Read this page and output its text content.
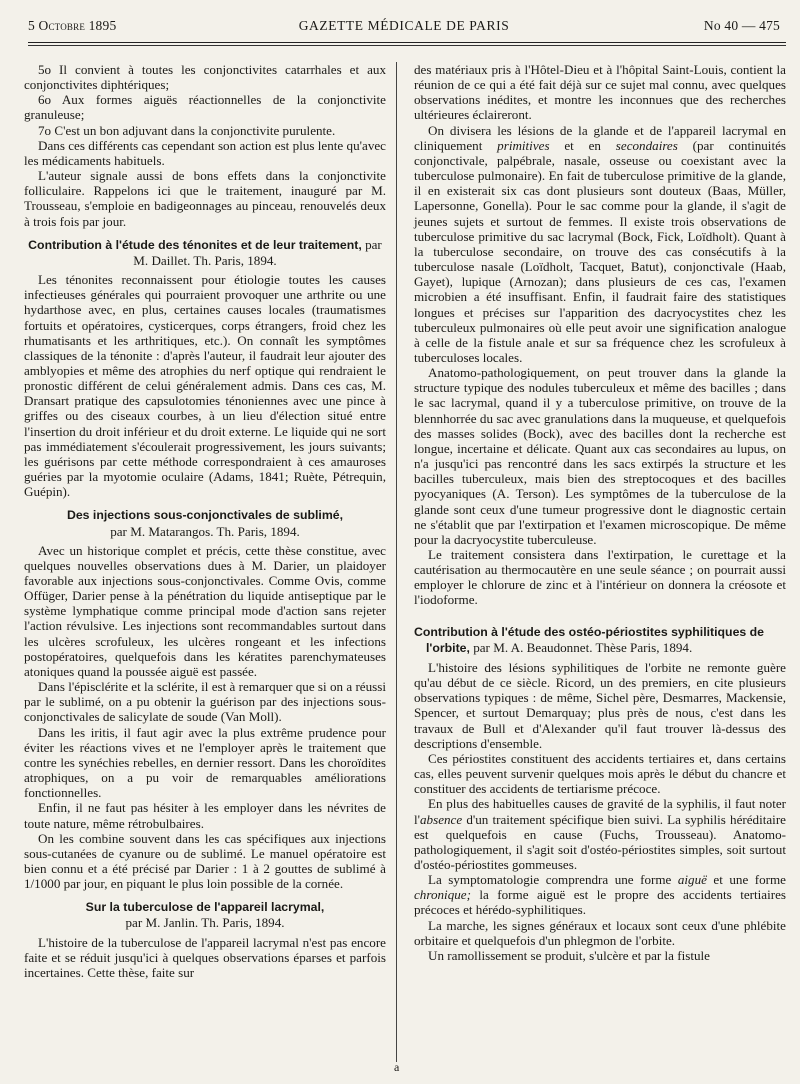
5 Octobre 1895	GAZETTE MÉDICALE DE PARIS	No 40 — 475

5o Il convient à toutes les conjonctivites catarrhales et aux conjonctivites diphtériques;

6o Aux formes aiguës réactionnelles de la conjonctivite granuleuse;

7o C'est un bon adjuvant dans la conjonctivite purulente.

Dans ces différents cas cependant son action est plus lente qu'avec les médicaments habituels.

L'auteur signale aussi de bons effets dans la conjonctivite folliculaire. Rappelons ici que le traitement, inauguré par M. Trousseau, s'emploie en badigeonnages au pinceau, renouvelés deux à trois fois par jour.

Contribution à l'étude des ténonites et de leur traitement, par M. Daillet. Th. Paris, 1894.

Les ténonites reconnaissent pour étiologie toutes les causes infectieuses générales qui pourraient provoquer une arthrite ou une hydarthose avec, en plus, certaines causes locales (traumatismes fortuits et opératoires, cysticerques, corps étrangers, froid chez les rhumatisants et les arthritiques, etc.). On connaît les symptômes classiques de la ténonite : d'après l'auteur, il faudrait leur ajouter des amblyopies et même des atrophies du nerf optique qui rendraient le pronostic différent de celui généralement admis. Dans ces cas, M. Dransart pratique des capsulotomies ténoniennes avec une pince à griffes ou des ciseaux courbes, à un lieu d'élection situé entre l'insertion du droit inférieur et du droit externe. Le liquide qui ne sort pas immédiatement s'écoulerait progressivement, les jours suivants; les guérisons par cette méthode correspondraient à ces amauroses guéries par la myotomie oculaire (Adams, 1841; Ruète, Pétrequin, Guépin).

Des injections sous-conjonctivales de sublimé,
par M. Matarangos. Th. Paris, 1894.

Avec un historique complet et précis, cette thèse constitue, avec quelques nouvelles observations dues à M. Darier, un plaidoyer favorable aux injections sous-conjonctivales. Comme Ovis, comme Offüger, Darier pense à la pénétration du liquide antiseptique par le système lymphatique comme principal mode d'action sans rejeter l'action révulsive. Les injections sont recommandables surtout dans les ulcères scrofuleux, les ulcères rongeant et les infections postopératoires, quelquefois dans les kératites parenchymateuses atoniques quand la poussée aiguë est passée.

Dans l'épisclérite et la sclérite, il est à remarquer que si on a réussi par le sublimé, on a pu obtenir la guérison par des injections sous-conjonctivales de salicylate de soude (Van Moll).

Dans les iritis, il faut agir avec la plus extrême prudence pour éviter les réactions vives et ne l'employer après le traitement que contre les synéchies rebelles, en dernier ressort. Dans les choroïdites atrophiques, on a pu voir de remarquables améliorations fonctionnelles.

Enfin, il ne faut pas hésiter à les employer dans les névrites de toute nature, même rétrobulbaires.

On les combine souvent dans les cas spécifiques aux injections sous-cutanées de cyanure ou de sublimé. Le manuel opératoire est bien connu et a été précisé par Darier : 1 à 2 gouttes de sublimé à 1/1000 par jour, en piquant le plus loin possible de la cornée.

Sur la tuberculose de l'appareil lacrymal,
par M. Janlin. Th. Paris, 1894.

L'histoire de la tuberculose de l'appareil lacrymal n'est pas encore faite et se réduit jusqu'ici à quelques observations éparses et parfois incertaines. Cette thèse, faite sur

des matériaux pris à l'Hôtel-Dieu et à l'hôpital Saint-Louis, contient la réunion de ce qui a été fait déjà sur ce sujet mal connu, avec quelques observations inédites, et montre les inconnues que des recherches ultérieures éclaireront.

On divisera les lésions de la glande et de l'appareil lacrymal en cliniquement primitives et en secondaires (par continuités conjonctivale, palpébrale, nasale, osseuse ou coexistant avec la tuberculose pulmonaire). En fait de tuberculose primitive de la glande, il en existerait six cas dont plusieurs sont douteux (Baas, Müller, Lapersonne, Gonella). Pour le sac comme pour la glande, il s'agit de jeunes sujets et surtout de femmes. Il existe trois observations de tuberculose primitive du sac lacrymal (Bock, Fick, Loïdholt). Quant à la tuberculose secondaire, on trouve des cas consécutifs à la tuberculose nasale (Loïdholt, Tacquet, Batut), conjonctivale (Haab, Gayet), lupique (Arnozan); dans plusieurs de ces cas, l'examen microbien a été insuffisant. Enfin, il faudrait faire des statistiques longues et précises sur l'apparition des dacryocystites chez les tuberculeux pulmonaires où elle peut avoir une signification analogue à celle de la fistule anale et sur sa fréquence chez les scrofuleux à tuberculoses locales.

Anatomo-pathologiquement, on peut trouver dans la glande la structure typique des nodules tuberculeux et même des bacilles ; dans le sac lacrymal, quand il y a tuberculose primitive, on trouve de la blennhorrée du sac avec granulations dans la muqueuse, et quelquefois des masses solides (Bock), avec des bacilles dont la recherche est longue, incertaine et délicate. Quant aux cas secondaires au lupus, on n'a jusqu'ici pas rencontré dans les sacs extirpés la structure et les bacilles tuberculeux, mais bien des streptocoques et des bacilles pyocyaniques (A. Terson). Les symptômes de la tuberculose de la glande sont ceux d'une tumeur progressive dont le diagnostic certain ne s'établit que par l'extirpation et l'examen microscopique. De même pour la dacryocystite tuberculeuse.

Le traitement consistera dans l'extirpation, le curettage et la cautérisation au thermocautère en une seule séance ; on pourrait aussi employer le chlorure de zinc et à l'intérieur on donnera la créosote et l'iodoforme.

Contribution à l'étude des ostéo-périostites syphilitiques de l'orbite, par M. A. Beaudonnet. Thèse Paris, 1894.

L'histoire des lésions syphilitiques de l'orbite ne remonte guère qu'au début de ce siècle. Ricord, un des premiers, en cite plusieurs observations typiques : de même, Sichel père, Desmarres, Mackensie, Spencer, et surtout Demarquay; plus près de nous, c'est dans les travaux de Bull et d'Alexander qu'il faut trouver là-dessus des descriptions d'ensemble.

Ces périostites constituent des accidents tertiaires et, dans certains cas, elles peuvent survenir quelques mois après le début du chancre et constituer des accidents de tertiarisme précoce.

En plus des habituelles causes de gravité de la syphilis, il faut noter l'absence d'un traitement spécifique bien suivi. La syphilis héréditaire est quelquefois en cause (Fuchs, Trousseau). Anatomo-pathologiquement, il s'agit soit d'ostéo-périostites simples, soit surtout d'ostéo-périostites gommeuses.

La symptomatologie comprendra une forme aiguë et une forme chronique; la forme aiguë est le propre des accidents tertiaires précoces et hérédo-syphilitiques.

La marche, les signes généraux et locaux sont ceux d'une phlébite orbitaire et quelquefois d'un phlegmon de l'orbite.

Un ramollissement se produit, s'ulcère et par la fistule

a
